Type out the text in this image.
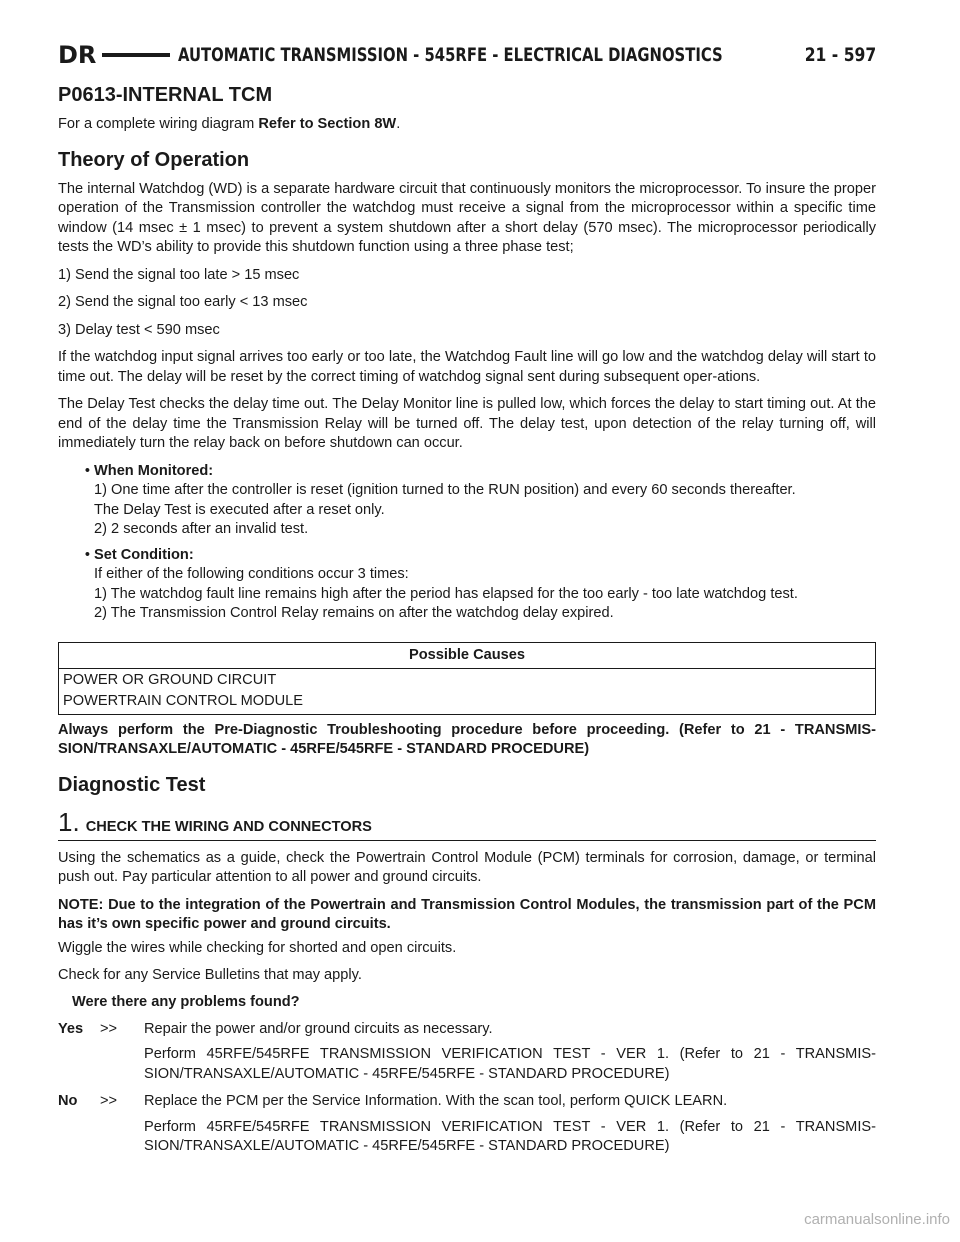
DR	AUTOMATIC TRANSMISSION - 545RFE - ELECTRICAL DIAGNOSTICS	21 - 597
P0613-INTERNAL TCM

For a complete wiring diagram Refer to Section 8W.

Theory of Operation

The internal Watchdog (WD) is a separate hardware circuit that continuously monitors the microprocessor. To insure the proper operation of the Transmission controller the watchdog must receive a signal from the microprocessor within a specific time window (14 msec ± 1 msec) to prevent a system shutdown after a short delay (570 msec). The microprocessor periodically tests the WD’s ability to provide this shutdown function using a three phase test;

1) Send the signal too late > 15 msec

2) Send the signal too early < 13 msec

3) Delay test < 590 msec

If the watchdog input signal arrives too early or too late, the Watchdog Fault line will go low and the watchdog delay will start to time out. The delay will be reset by the correct timing of watchdog signal sent during subsequent oper-ations.

The Delay Test checks the delay time out. The Delay Monitor line is pulled low, which forces the delay to start timing out. At the end of the delay time the Transmission Relay will be turned off. The delay test, upon detection of the relay turning off, will immediately turn the relay back on before shutdown can occur.

• When Monitored:
1) One time after the controller is reset (ignition turned to the RUN position) and every 60 seconds thereafter.
The Delay Test is executed after a reset only.
2) 2 seconds after an invalid test.
• Set Condition:
If either of the following conditions occur 3 times:
1) The watchdog fault line remains high after the period has elapsed for the too early - too late watchdog test.
2) The Transmission Control Relay remains on after the watchdog delay expired.
Possible Causes
POWER OR GROUND CIRCUIT
POWERTRAIN CONTROL MODULE

Always perform the Pre-Diagnostic Troubleshooting procedure before proceeding. (Refer to 21 - TRANSMIS-SION/TRANSAXLE/AUTOMATIC - 45RFE/545RFE - STANDARD PROCEDURE)

Diagnostic Test
1. CHECK THE WIRING AND CONNECTORS

Using the schematics as a guide, check the Powertrain Control Module (PCM) terminals for corrosion, damage, or terminal push out. Pay particular attention to all power and ground circuits.

NOTE: Due to the integration of the Powertrain and Transmission Control Modules, the transmission part of the PCM has it’s own specific power and ground circuits.

Wiggle the wires while checking for shorted and open circuits.

Check for any Service Bulletins that may apply.

Were there any problems found?
Yes	>>	Repair the power and/or ground circuits as necessary.

Perform 45RFE/545RFE TRANSMISSION VERIFICATION TEST - VER 1. (Refer to 21 - TRANSMIS-SION/TRANSAXLE/AUTOMATIC - 45RFE/545RFE - STANDARD PROCEDURE)

No	>>	Replace the PCM per the Service Information. With the scan tool, perform QUICK LEARN.

Perform 45RFE/545RFE TRANSMISSION VERIFICATION TEST - VER 1. (Refer to 21 - TRANSMIS-SION/TRANSAXLE/AUTOMATIC - 45RFE/545RFE - STANDARD PROCEDURE)

carmanualsonline.info
